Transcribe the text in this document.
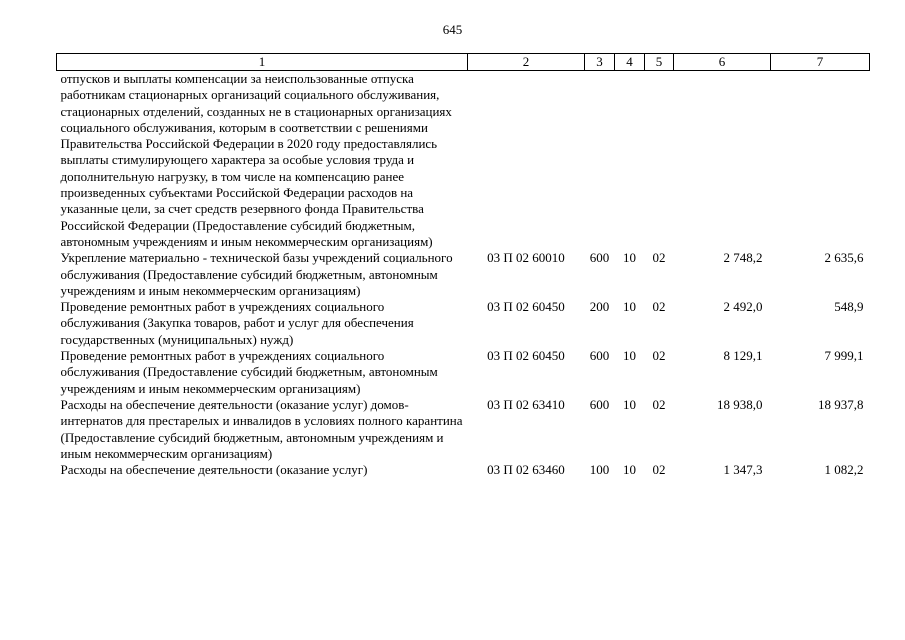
645
1	2	3	4	5	6	7
отпусков и выплаты компенсации за неиспользованные отпуска работникам стационарных организаций социального обслуживания, стационарных отделений, созданных не в стационарных организациях социального обслуживания, которым в соответствии с решениями Правительства Российской Федерации в 2020 году предоставлялись выплаты стимулирующего характера за особые условия труда и дополнительную нагрузку, в том числе на компенсацию ранее произведенных субъектами Российской Федерации расходов на указанные цели, за счет средств резервного фонда Правительства Российской Федерации (Предоставление субсидий бюджетным, автономным учреждениям и иным некоммерческим организациям)						
Укрепление материально - технической базы учреждений социального обслуживания (Предоставление субсидий бюджетным, автономным учреждениям и иным некоммерческим организациям)	03 П 02 60010	600	10	02	2 748,2	2 635,6
Проведение ремонтных работ в учреждениях социального обслуживания (Закупка товаров, работ и услуг для обеспечения государственных (муниципальных) нужд)	03 П 02 60450	200	10	02	2 492,0	548,9
Проведение ремонтных работ в учреждениях социального обслуживания (Предоставление субсидий бюджетным, автономным учреждениям и иным некоммерческим организациям)	03 П 02 60450	600	10	02	8 129,1	7 999,1
Расходы на обеспечение деятельности (оказание услуг) домов-интернатов для престарелых и инвалидов в условиях полного карантина (Предоставление субсидий бюджетным, автономным учреждениям и иным некоммерческим организациям)	03 П 02 63410	600	10	02	18 938,0	18 937,8
Расходы на обеспечение деятельности (оказание услуг)	03 П 02 63460	100	10	02	1 347,3	1 082,2
